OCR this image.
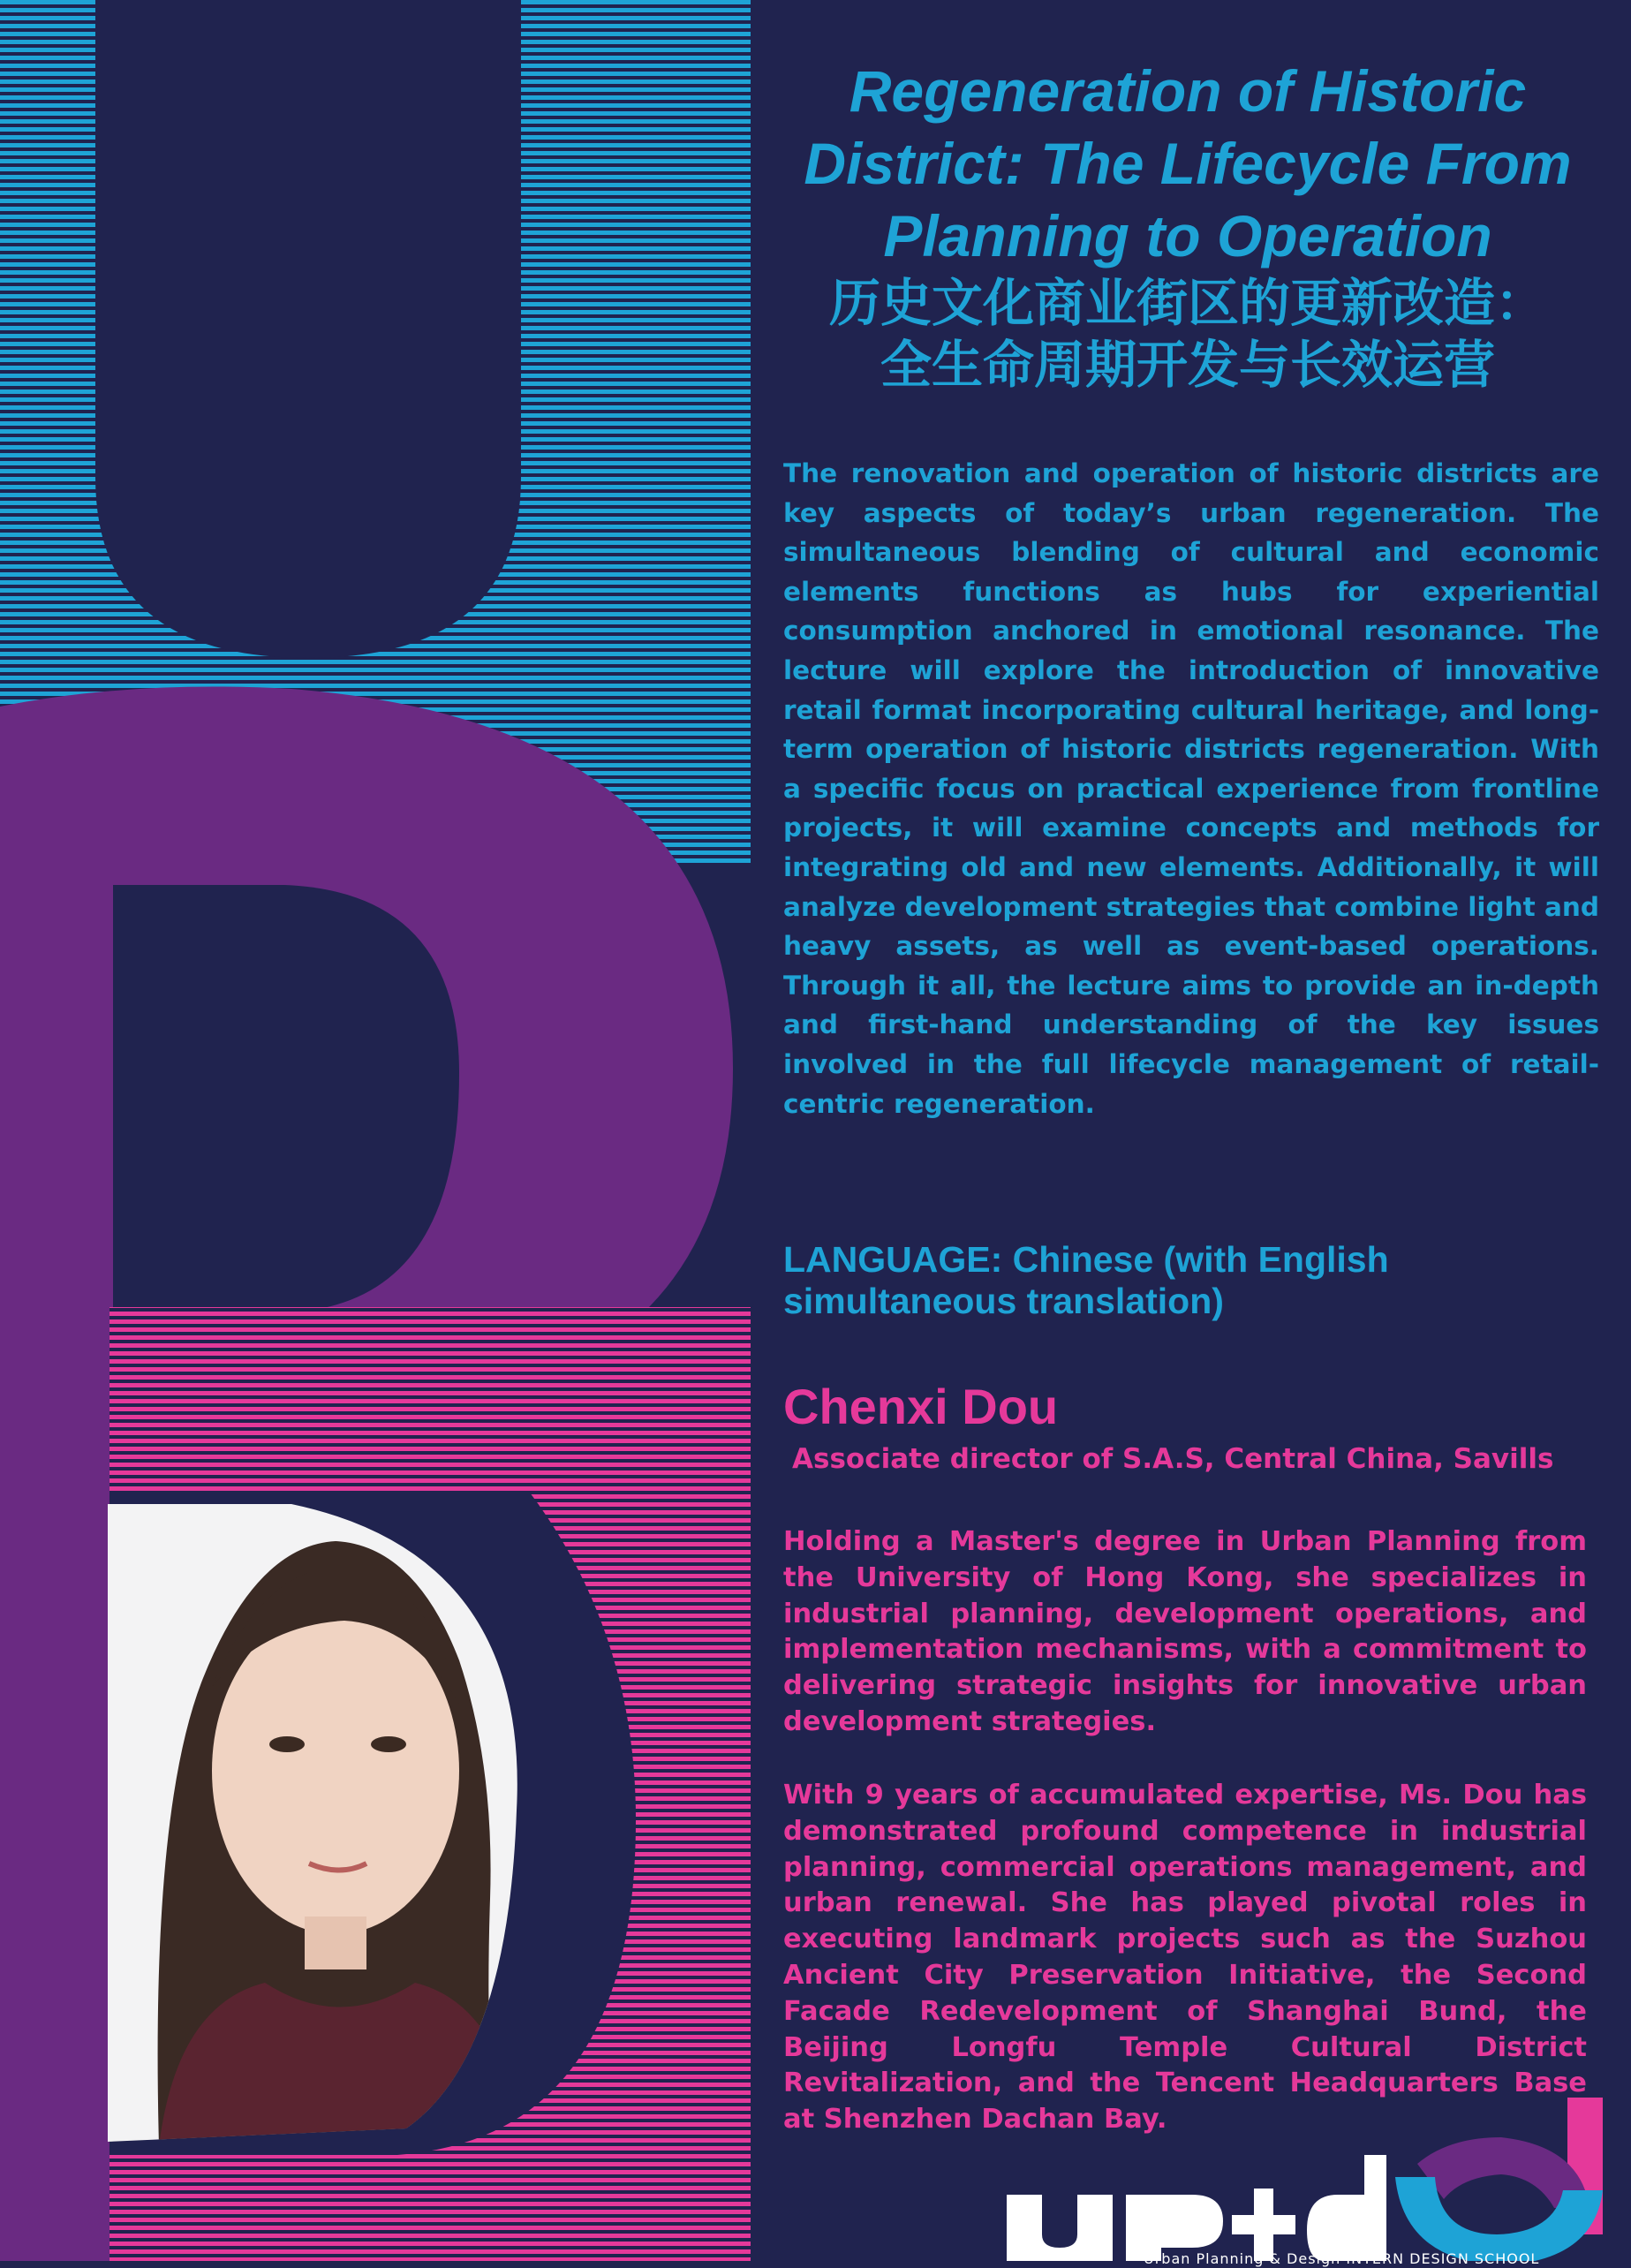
Regeneration of Historic District: The Lifecycle From Planning to Operation
历史文化商业街区的更新改造：
全生命周期开发与长效运营

The renovation and operation of historic districts are key aspects of today’s urban regeneration. The simultaneous blending of cultural and economic elements functions as hubs for experiential consumption anchored in emotional resonance. The lecture will explore the introduction of innovative retail format incorporating cultural heritage, and long-term operation of historic districts regeneration. With a specific focus on practical experience from frontline projects, it will examine concepts and methods for integrating old and new elements. Additionally, it will analyze development strategies that combine light and heavy assets, as well as event-based operations. Through it all, the lecture aims to provide an in-depth and first-hand understanding of the key issues involved in the full lifecycle management of retail-centric regeneration.

LANGUAGE: Chinese (with English simultaneous translation)
Chenxi Dou
Associate director of S.A.S, Central China, Savills

Holding a Master's degree in Urban Planning from the University of Hong Kong, she specializes in industrial planning, development operations, and implementation mechanisms, with a commitment to delivering strategic insights for innovative urban development strategies.

With 9 years of accumulated expertise, Ms. Dou has demonstrated profound competence in industrial planning, commercial operations management, and urban renewal. She has played pivotal roles in executing landmark projects such as the Suzhou Ancient City Preservation Initiative, the Second Facade Redevelopment of Shanghai Bund, the Beijing Longfu Temple Cultural District Revitalization, and the Tencent Headquarters Base at Shenzhen Dachan Bay.

Urban Planning & Design INTERN DESIGN SCHOOL
